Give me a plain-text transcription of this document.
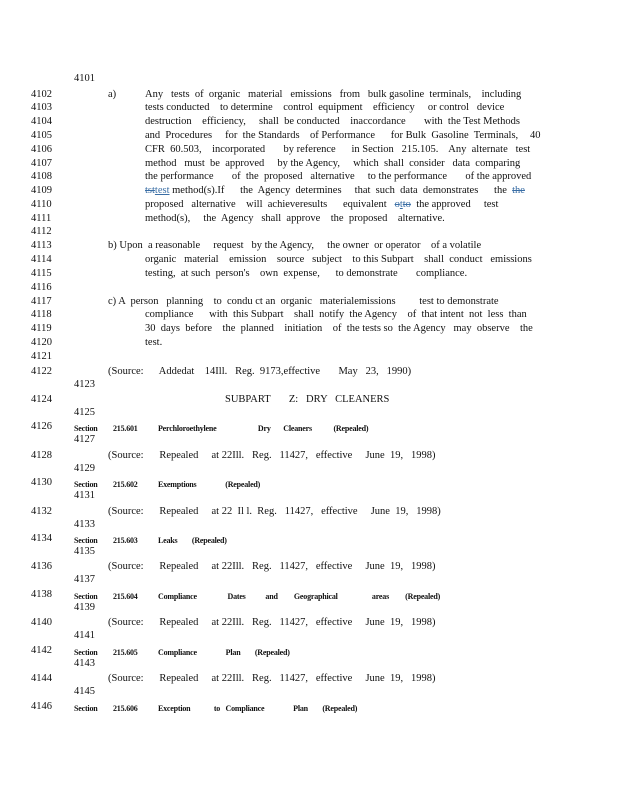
4101
4102
4103
4104
4105
4106
4107
4108
4109
4110
4111
4112
4113
4114
4115
4116
4117
4118
4119
4120
4121
4122
4123
4124
4125
4126
4127
4128
4129
4130
4131
4132
4133
4134
4135
4136
4137
4138
4139
4140
4141
4142
4143
4144
4145
4146
a)	Any   tests  of  organic   material   emissions   from   bulk gasoline  terminals,    including
tests conducted    to determine    control  equipment    efficiency     or control   device
destruction    efficiency,     shall  be conducted    inaccordance       with  the Test Methods
and  Procedures     for  the Standards    of Performance      for Bulk  Gasoline  Terminals, 40
CFR  60.503,    incorporated       by reference      in Section   215.105.    Any  alternate   test
method   must  be  approved     by the Agency,     which  shall  consider   data  comparing
the performance       of  the  proposed   alternative     to the performance       of the approved
tsttest method(s).If      the  Agency  determines     that  such  data  demonstrates      the  the
proposed   alternative    will  achieveresults      equivalent   otto  the approved     test
method(s),     the  Agency   shall  approve    the  proposed    alternative.
b) Upon  a reasonable     request   by the Agency,     the owner  or operator    of a volatile
organic   material    emission    source   subject    to this Subpart    shall  conduct   emissions
testing,  at such  person's    own  expense,      to demonstrate       compliance.
c) A  person   planning    to  condu ct an  organic   materialemissions         test to demonstrate
compliance      with  this Subpart    shall  notify  the Agency    of  that intent  not  less  than
30  days  before    the  planned    initiation    of  the tests so  the Agency   may  observe    the
test.
(Source:      Addedat    14Ill.   Reg.  9173,effective       May   23,   1990)
SUBPART       Z:   DRY   CLEANERS
Section 215.601	Perchloroethylene                       Dry       Cleaners            (Repealed)
(Source:      Repealed     at 22Ill.   Reg.   11427,   effective     June  19,   1998)
Section 215.602	Exemptions                (Repealed)
(Source:      Repealed     at 22  Il l.  Reg.   11427,   effective     June  19,   1998)
Section 215.603	Leaks        (Repealed)
(Source:      Repealed     at 22Ill.   Reg.   11427,   effective     June  19,   1998)
Section 215.604	Compliance                 Dates           and         Geographical                   areas         (Repealed)
(Source:      Repealed     at 22Ill.   Reg.   11427,   effective     June  19,   1998)
Section 215.605	Compliance                Plan        (Repealed)
(Source:      Repealed     at 22Ill.   Reg.   11427,   effective     June  19,   1998)
Section 215.606	Exception             to   Compliance                Plan        (Repealed)
